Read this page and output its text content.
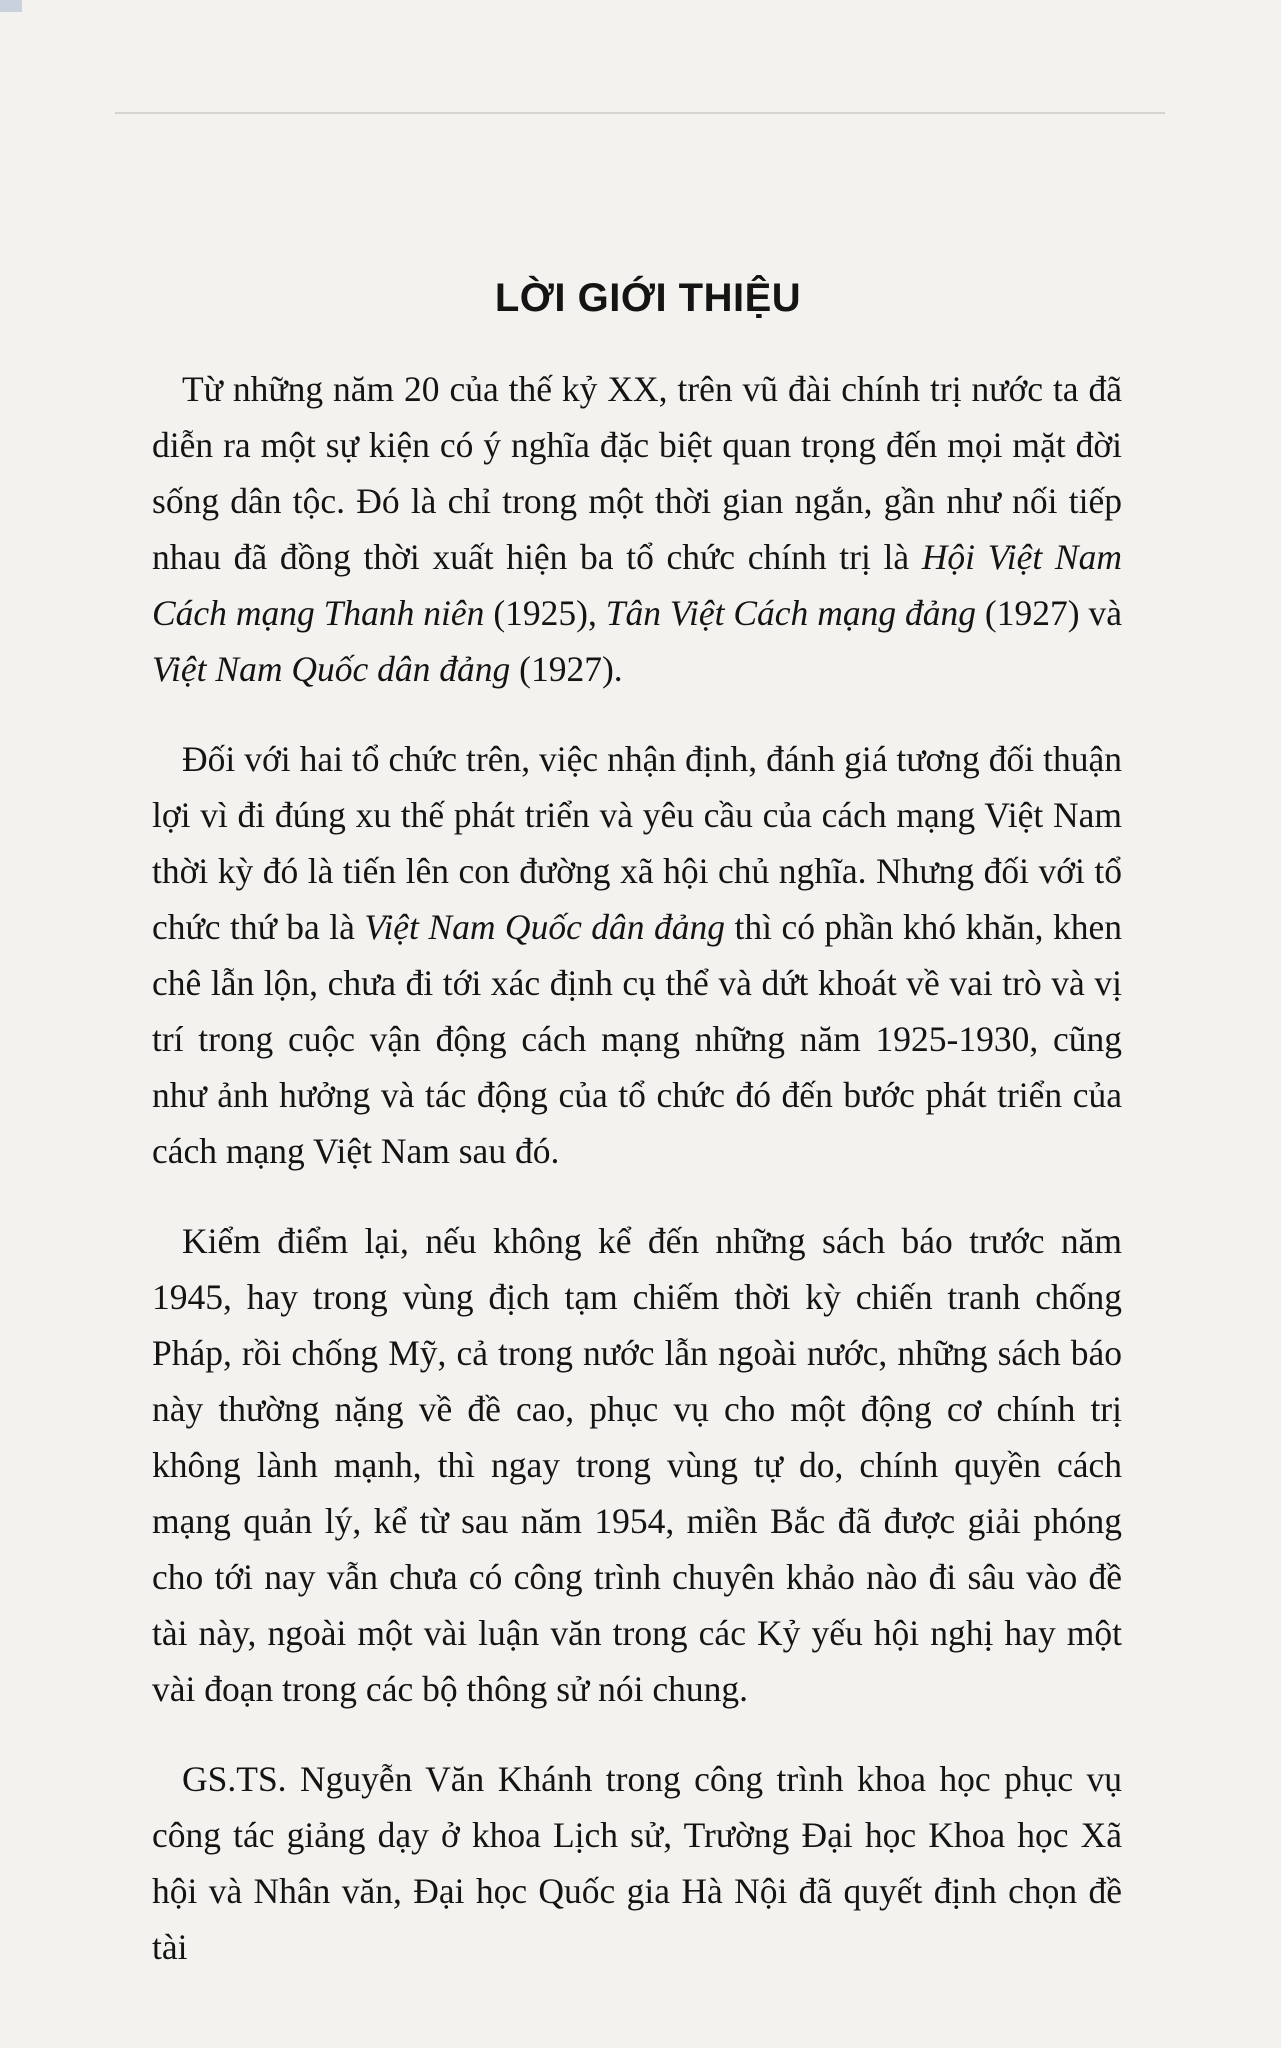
LỜI GIỚI THIỆU

Từ những năm 20 của thế kỷ XX, trên vũ đài chính trị nước ta đã diễn ra một sự kiện có ý nghĩa đặc biệt quan trọng đến mọi mặt đời sống dân tộc. Đó là chỉ trong một thời gian ngắn, gần như nối tiếp nhau đã đồng thời xuất hiện ba tổ chức chính trị là Hội Việt Nam Cách mạng Thanh niên (1925), Tân Việt Cách mạng đảng (1927) và Việt Nam Quốc dân đảng (1927).

Đối với hai tổ chức trên, việc nhận định, đánh giá tương đối thuận lợi vì đi đúng xu thế phát triển và yêu cầu của cách mạng Việt Nam thời kỳ đó là tiến lên con đường xã hội chủ nghĩa. Nhưng đối với tổ chức thứ ba là Việt Nam Quốc dân đảng thì có phần khó khăn, khen chê lẫn lộn, chưa đi tới xác định cụ thể và dứt khoát về vai trò và vị trí trong cuộc vận động cách mạng những năm 1925-1930, cũng như ảnh hưởng và tác động của tổ chức đó đến bước phát triển của cách mạng Việt Nam sau đó.

Kiểm điểm lại, nếu không kể đến những sách báo trước năm 1945, hay trong vùng địch tạm chiếm thời kỳ chiến tranh chống Pháp, rồi chống Mỹ, cả trong nước lẫn ngoài nước, những sách báo này thường nặng về đề cao, phục vụ cho một động cơ chính trị không lành mạnh, thì ngay trong vùng tự do, chính quyền cách mạng quản lý, kể từ sau năm 1954, miền Bắc đã được giải phóng cho tới nay vẫn chưa có công trình chuyên khảo nào đi sâu vào đề tài này, ngoài một vài luận văn trong các Kỷ yếu hội nghị hay một vài đoạn trong các bộ thông sử nói chung.

GS.TS. Nguyễn Văn Khánh trong công trình khoa học phục vụ công tác giảng dạy ở khoa Lịch sử, Trường Đại học Khoa học Xã hội và Nhân văn, Đại học Quốc gia Hà Nội đã quyết định chọn đề tài
